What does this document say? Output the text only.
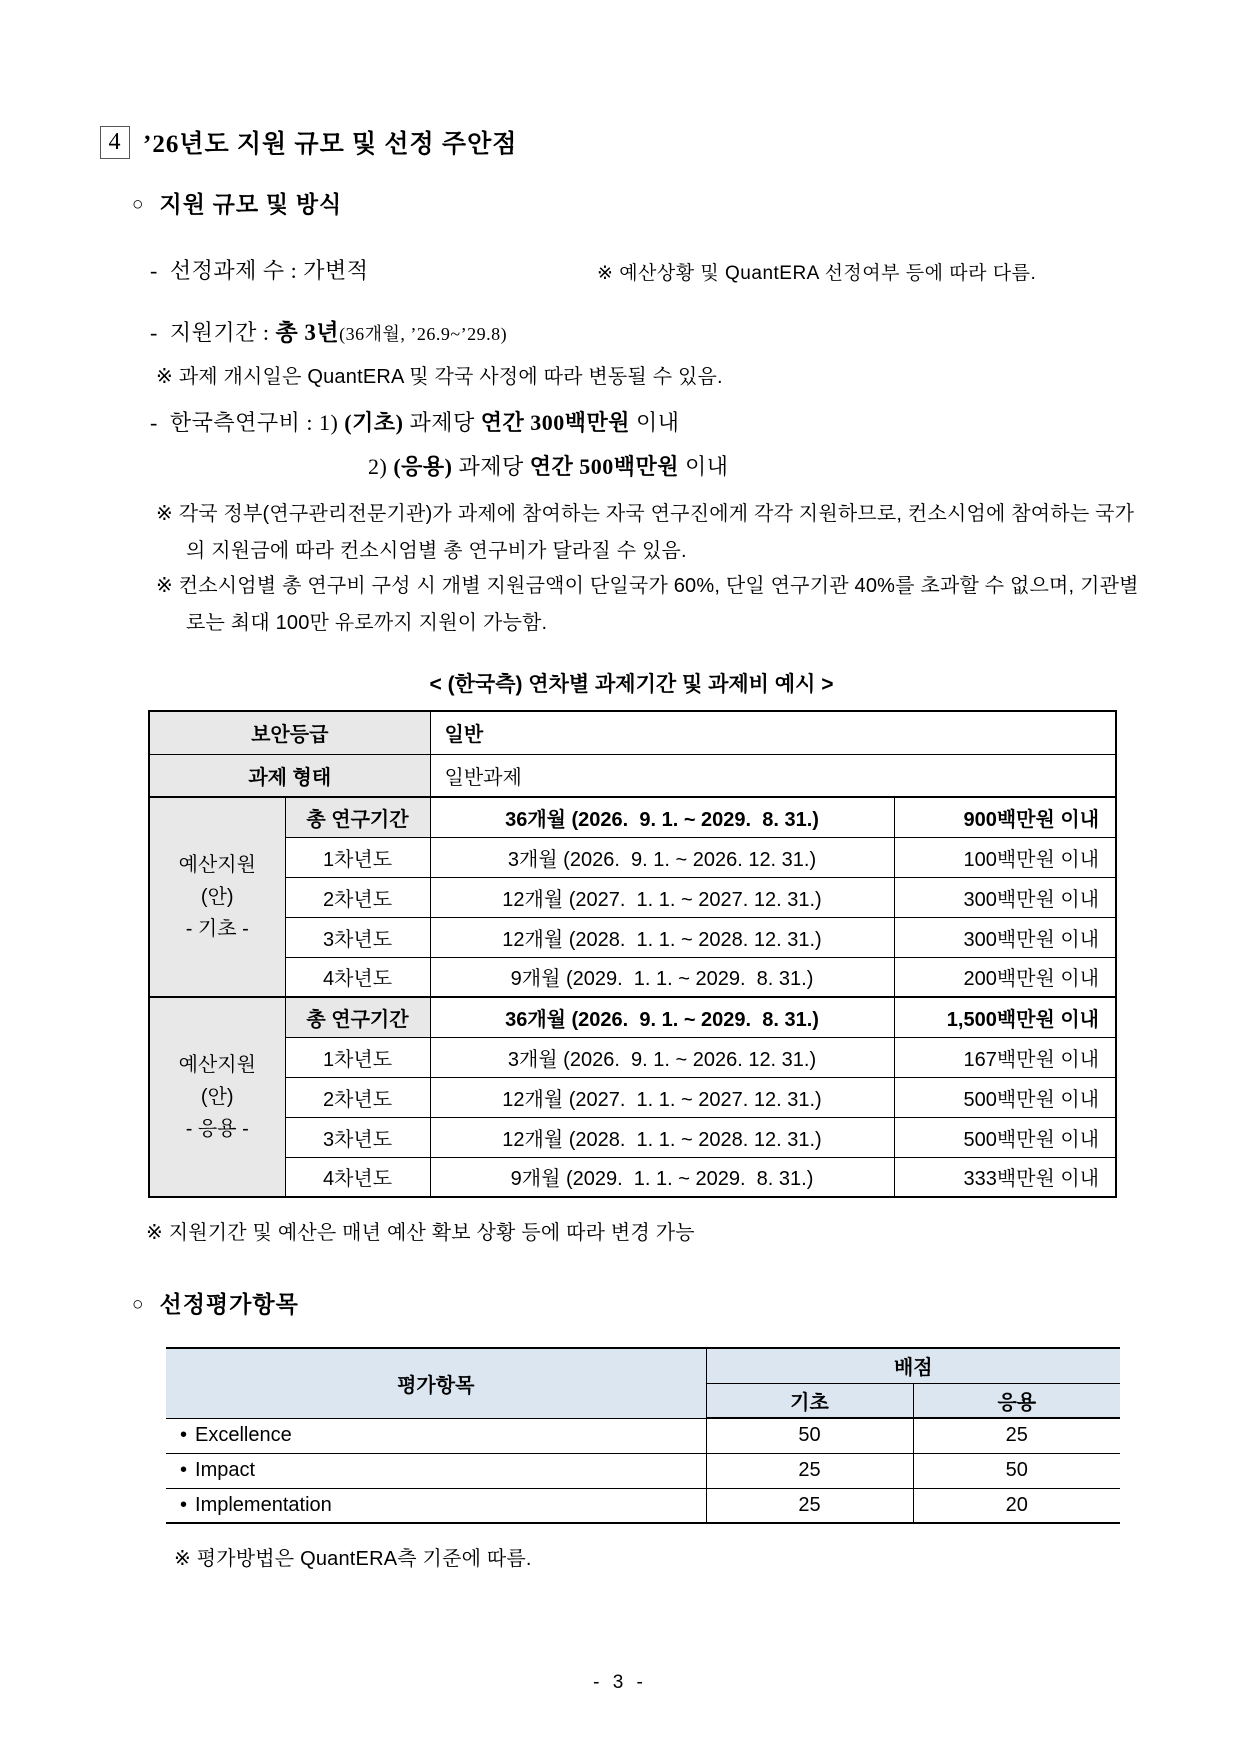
4 ’26년도 지원 규모 및 선정 주안점
○ 지원 규모 및 방식
- 선정과제 수 : 가변적	※ 예산상황 및 QuantERA 선정여부 등에 따라 다름.
- 지원기간 : 총 3년(36개월, ’26.9~’29.8)
※ 과제 개시일은 QuantERA 및 각국 사정에 따라 변동될 수 있음.
- 한국측연구비 : 1) (기초) 과제당 연간 300백만원 이내
2) (응용) 과제당 연간 500백만원 이내
※ 각국 정부(연구관리전문기관)가 과제에 참여하는 자국 연구진에게 각각 지원하므로, 컨소시엄에 참여하는 국가의 지원금에 따라 컨소시엄별 총 연구비가 달라질 수 있음.
※ 컨소시엄별 총 연구비 구성 시 개별 지원금액이 단일국가 60%, 단일 연구기관 40%를 초과할 수 없으며, 기관별로는 최대 100만 유로까지 지원이 가능함.
< (한국측) 연차별 과제기간 및 과제비 예시 >
보안등급		일반	
과제 형태		일반과제	

예산지원
(안)
- 기초 -	총 연구기간	36개월 (2026.  9. 1. ~ 2029.  8. 31.)	900백만원 이내
	1차년도	3개월 (2026.  9. 1. ~ 2026. 12. 31.)	100백만원 이내
	2차년도	12개월 (2027.  1. 1. ~ 2027. 12. 31.)	300백만원 이내
	3차년도	12개월 (2028.  1. 1. ~ 2028. 12. 31.)	300백만원 이내
	4차년도	9개월 (2029.  1. 1. ~ 2029.  8. 31.)	200백만원 이내

예산지원
(안)
- 응용 -	총 연구기간	36개월 (2026.  9. 1. ~ 2029.  8. 31.)	1,500백만원 이내
	1차년도	3개월 (2026.  9. 1. ~ 2026. 12. 31.)	167백만원 이내
	2차년도	12개월 (2027.  1. 1. ~ 2027. 12. 31.)	500백만원 이내
	3차년도	12개월 (2028.  1. 1. ~ 2028. 12. 31.)	500백만원 이내
	4차년도	9개월 (2029.  1. 1. ~ 2029.  8. 31.)	333백만원 이내
※ 지원기간 및 예산은 매년 예산 확보 상황 등에 따라 변경 가능
○ 선정평가항목
평가항목	배점	
	기초	응용
• Excellence	50	25
• Impact	25	50
• Implementation	25	20
※ 평가방법은 QuantERA측 기준에 따름.
- 3 -
